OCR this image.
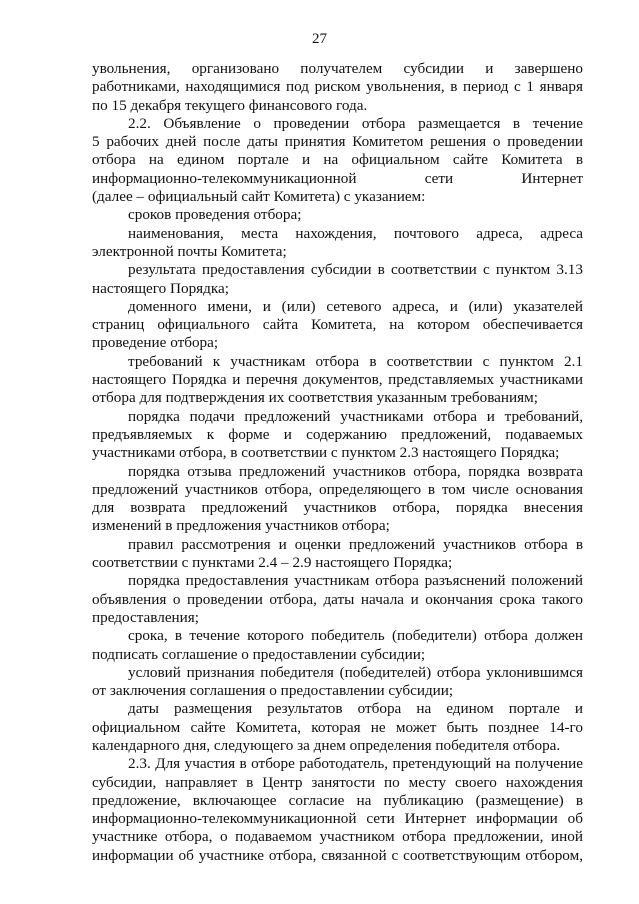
27

увольнения, организовано получателем субсидии и завершено

работниками, находящимися под риском увольнения, в период с 1 января

по 15 декабря текущего финансового года.

2.2. Объявление о проведении отбора размещается в течение

5 рабочих дней после даты принятия Комитетом решения о проведении

отбора на едином портале и на официальном сайте Комитета в

информационно-телекоммуникационной сети Интернет

(далее – официальный сайт Комитета) с указанием:

сроков проведения отбора;

наименования, места нахождения, почтового адреса, адреса

электронной почты Комитета;

результата предоставления субсидии в соответствии с пунктом 3.13

настоящего Порядка;

доменного имени, и (или) сетевого адреса, и (или) указателей

страниц официального сайта Комитета, на котором обеспечивается

проведение отбора;

требований к участникам отбора в соответствии с пунктом 2.1

настоящего Порядка и перечня документов, представляемых участниками

отбора для подтверждения их соответствия указанным требованиям;

порядка подачи предложений участниками отбора и требований,

предъявляемых к форме и содержанию предложений, подаваемых

участниками отбора, в соответствии с пунктом 2.3 настоящего Порядка;

порядка отзыва предложений участников отбора, порядка возврата

предложений участников отбора, определяющего в том числе основания

для возврата предложений участников отбора, порядка внесения

изменений в предложения участников отбора;

правил рассмотрения и оценки предложений участников отбора в

соответствии с пунктами 2.4 – 2.9 настоящего Порядка;

порядка предоставления участникам отбора разъяснений положений

объявления о проведении отбора, даты начала и окончания срока такого

предоставления;

срока, в течение которого победитель (победители) отбора должен

подписать соглашение о предоставлении субсидии;

условий признания победителя (победителей) отбора уклонившимся

от заключения соглашения о предоставлении субсидии;

даты размещения результатов отбора на едином портале и

официальном сайте Комитета, которая не может быть позднее 14-го

календарного дня, следующего за днем определения победителя отбора.

2.3. Для участия в отборе работодатель, претендующий на получение

субсидии, направляет в Центр занятости по месту своего нахождения

предложение, включающее согласие на публикацию (размещение) в

информационно-телекоммуникационной сети Интернет информации об

участнике отбора, о подаваемом участником отбора предложении, иной

информации об участнике отбора, связанной с соответствующим отбором,
